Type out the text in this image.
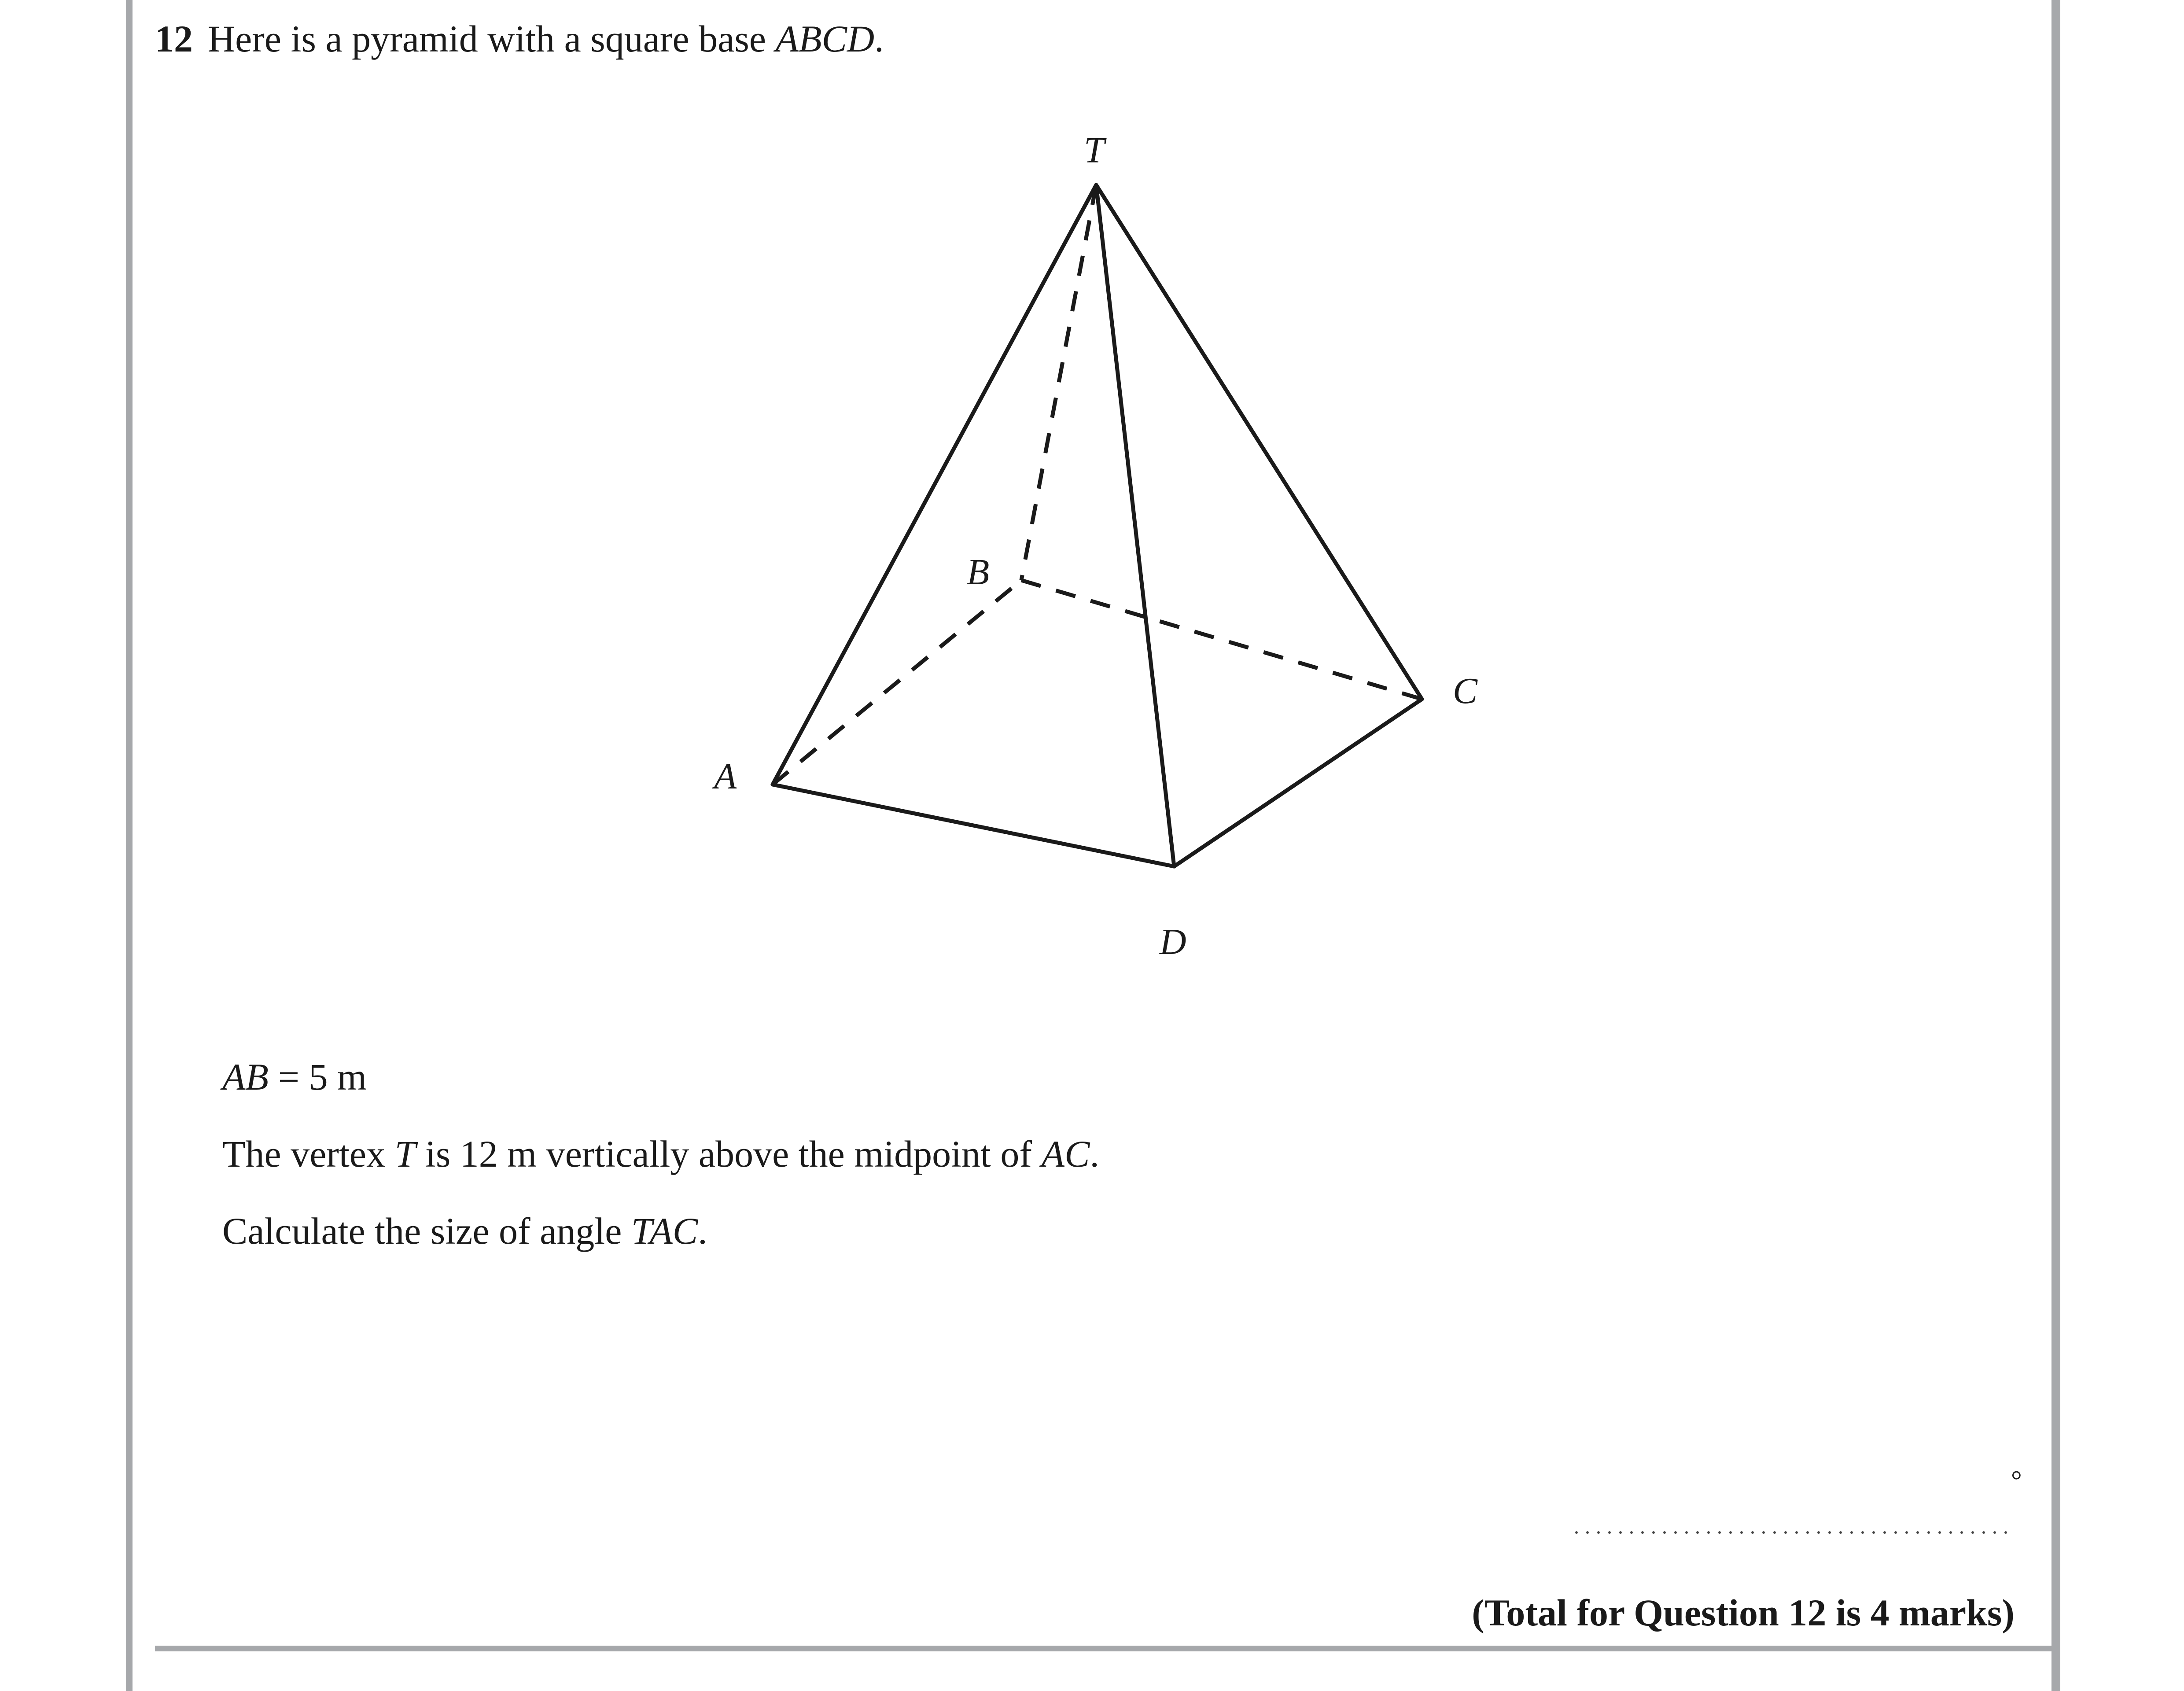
12 Here is a pyramid with a square base ABCD.
T
B
C
A
D
AB = 5 m
The vertex T is 12 m vertically above the midpoint of AC.
Calculate the size of angle TAC.
°
(Total for Question 12 is 4 marks)
